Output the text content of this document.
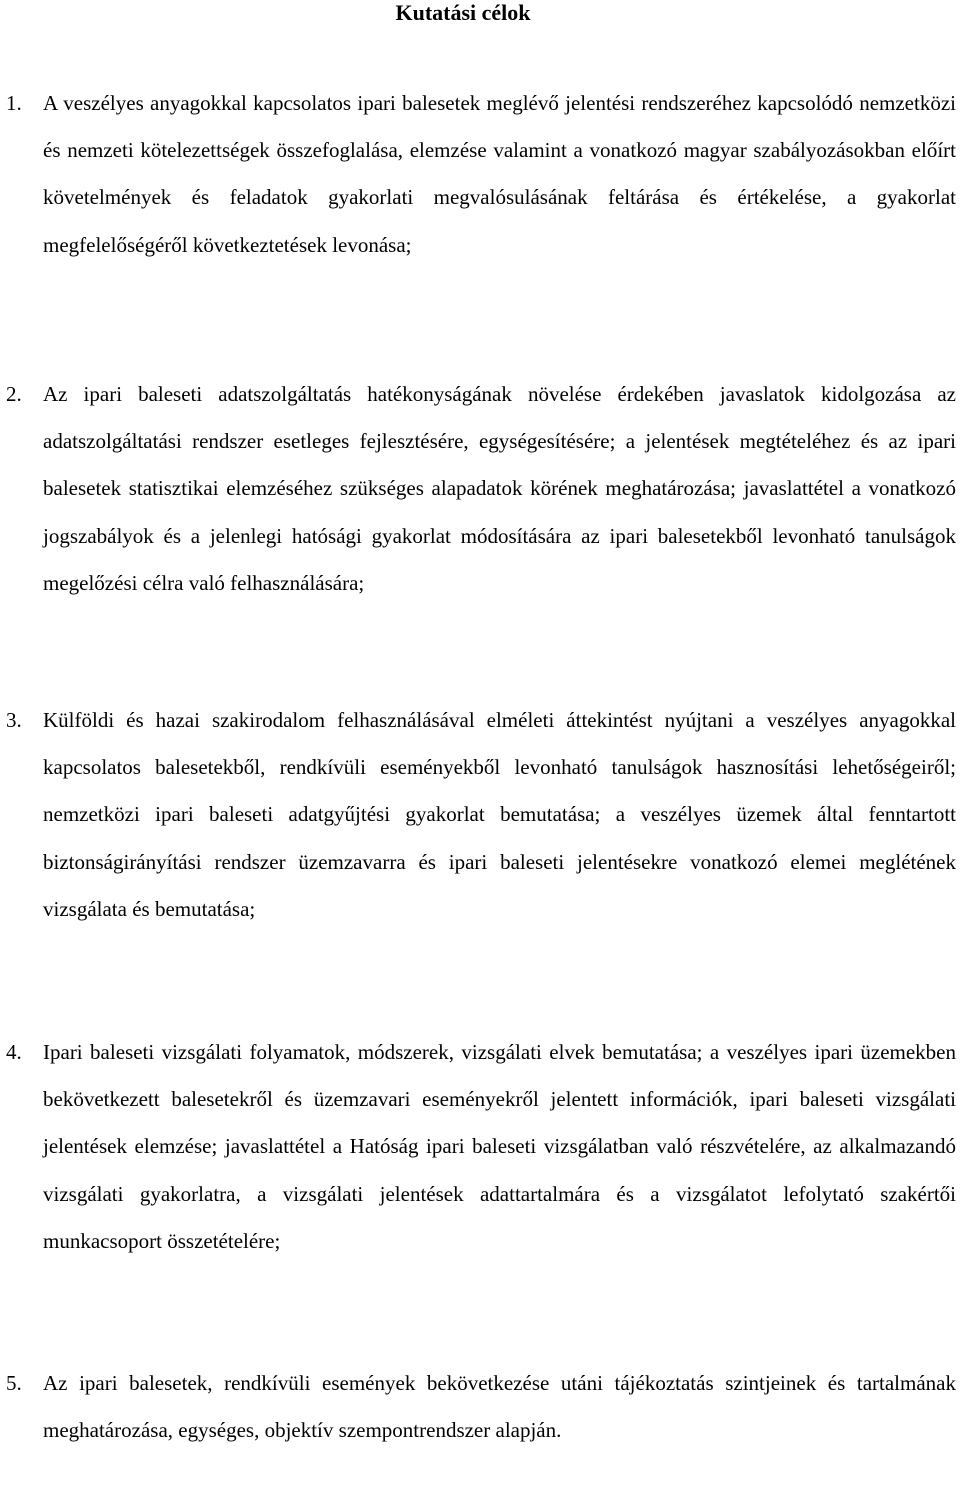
Kutatási célok
1. A veszélyes anyagokkal kapcsolatos ipari balesetek meglévő jelentési rendszeréhez kapcsolódó nemzetközi és nemzeti kötelezettségek összefoglalása, elemzése valamint a vonatkozó magyar szabályozásokban előírt követelmények és feladatok gyakorlati megvalósulásának feltárása és értékelése, a gyakorlat megfelelőségéről következtetések levonása;

2. Az ipari baleseti adatszolgáltatás hatékonyságának növelése érdekében javaslatok kidolgozása az adatszolgáltatási rendszer esetleges fejlesztésére, egységesítésére; a jelentések megtételéhez és az ipari balesetek statisztikai elemzéséhez szükséges alapadatok körének meghatározása; javaslattétel a vonatkozó jogszabályok és a jelenlegi hatósági gyakorlat módosítására az ipari balesetekből levonható tanulságok megelőzési célra való felhasználására;

3. Külföldi és hazai szakirodalom felhasználásával elméleti áttekintést nyújtani a veszélyes anyagokkal kapcsolatos balesetekből, rendkívüli eseményekből levonható tanulságok hasznosítási lehetőségeiről; nemzetközi ipari baleseti adatgyűjtési gyakorlat bemutatása; a veszélyes üzemek által fenntartott biztonságirányítási rendszer üzemzavarra és ipari baleseti jelentésekre vonatkozó elemei meglétének vizsgálata és bemutatása;

4. Ipari baleseti vizsgálati folyamatok, módszerek, vizsgálati elvek bemutatása; a veszélyes ipari üzemekben bekövetkezett balesetekről és üzemzavari eseményekről jelentett információk, ipari baleseti vizsgálati jelentések elemzése; javaslattétel a Hatóság ipari baleseti vizsgálatban való részvételére, az alkalmazandó vizsgálati gyakorlatra, a vizsgálati jelentések adattartalmára és a vizsgálatot lefolytató szakértői munkacsoport összetételére;

5. Az ipari balesetek, rendkívüli események bekövetkezése utáni tájékoztatás szintjeinek és tartalmának meghatározása, egységes, objektív szempontrendszer alapján.
